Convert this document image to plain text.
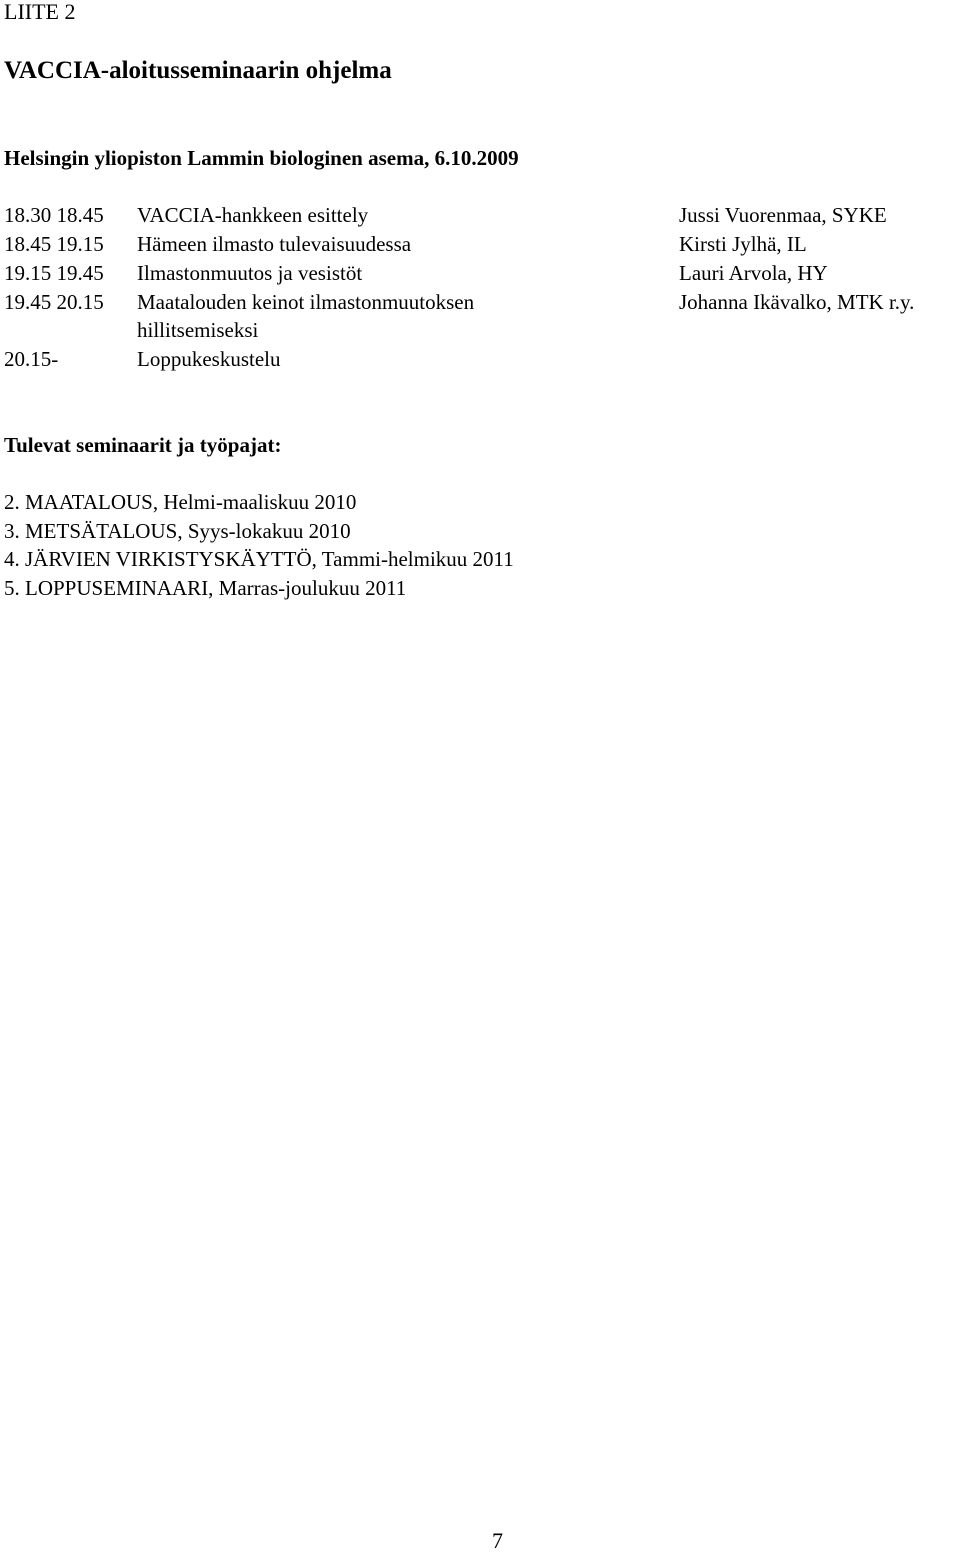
LIITE 2
VACCIA-aloitusseminaarin ohjelma
Helsingin yliopiston Lammin biologinen asema, 6.10.2009
18.30 18.45 VACCIA-hankkeen esittely	Jussi Vuorenmaa, SYKE
18.45 19.15 Hämeen ilmasto tulevaisuudessa	Kirsti Jylhä, IL
19.15 19.45 Ilmastonmuutos ja vesistöt	Lauri Arvola, HY
19.45 20.15 Maatalouden keinot ilmastonmuutoksen	Johanna Ikävalko, MTK r.y.
hillitsemiseksi
20.15-	Loppukeskustelu
Tulevat seminaarit ja työpajat:
2. MAATALOUS, Helmi-maaliskuu 2010
3. METSÄTALOUS, Syys-lokakuu 2010
4. JÄRVIEN VIRKISTYSKÄYTTÖ, Tammi-helmikuu 2011
5. LOPPUSEMINAARI, Marras-joulukuu 2011
7
